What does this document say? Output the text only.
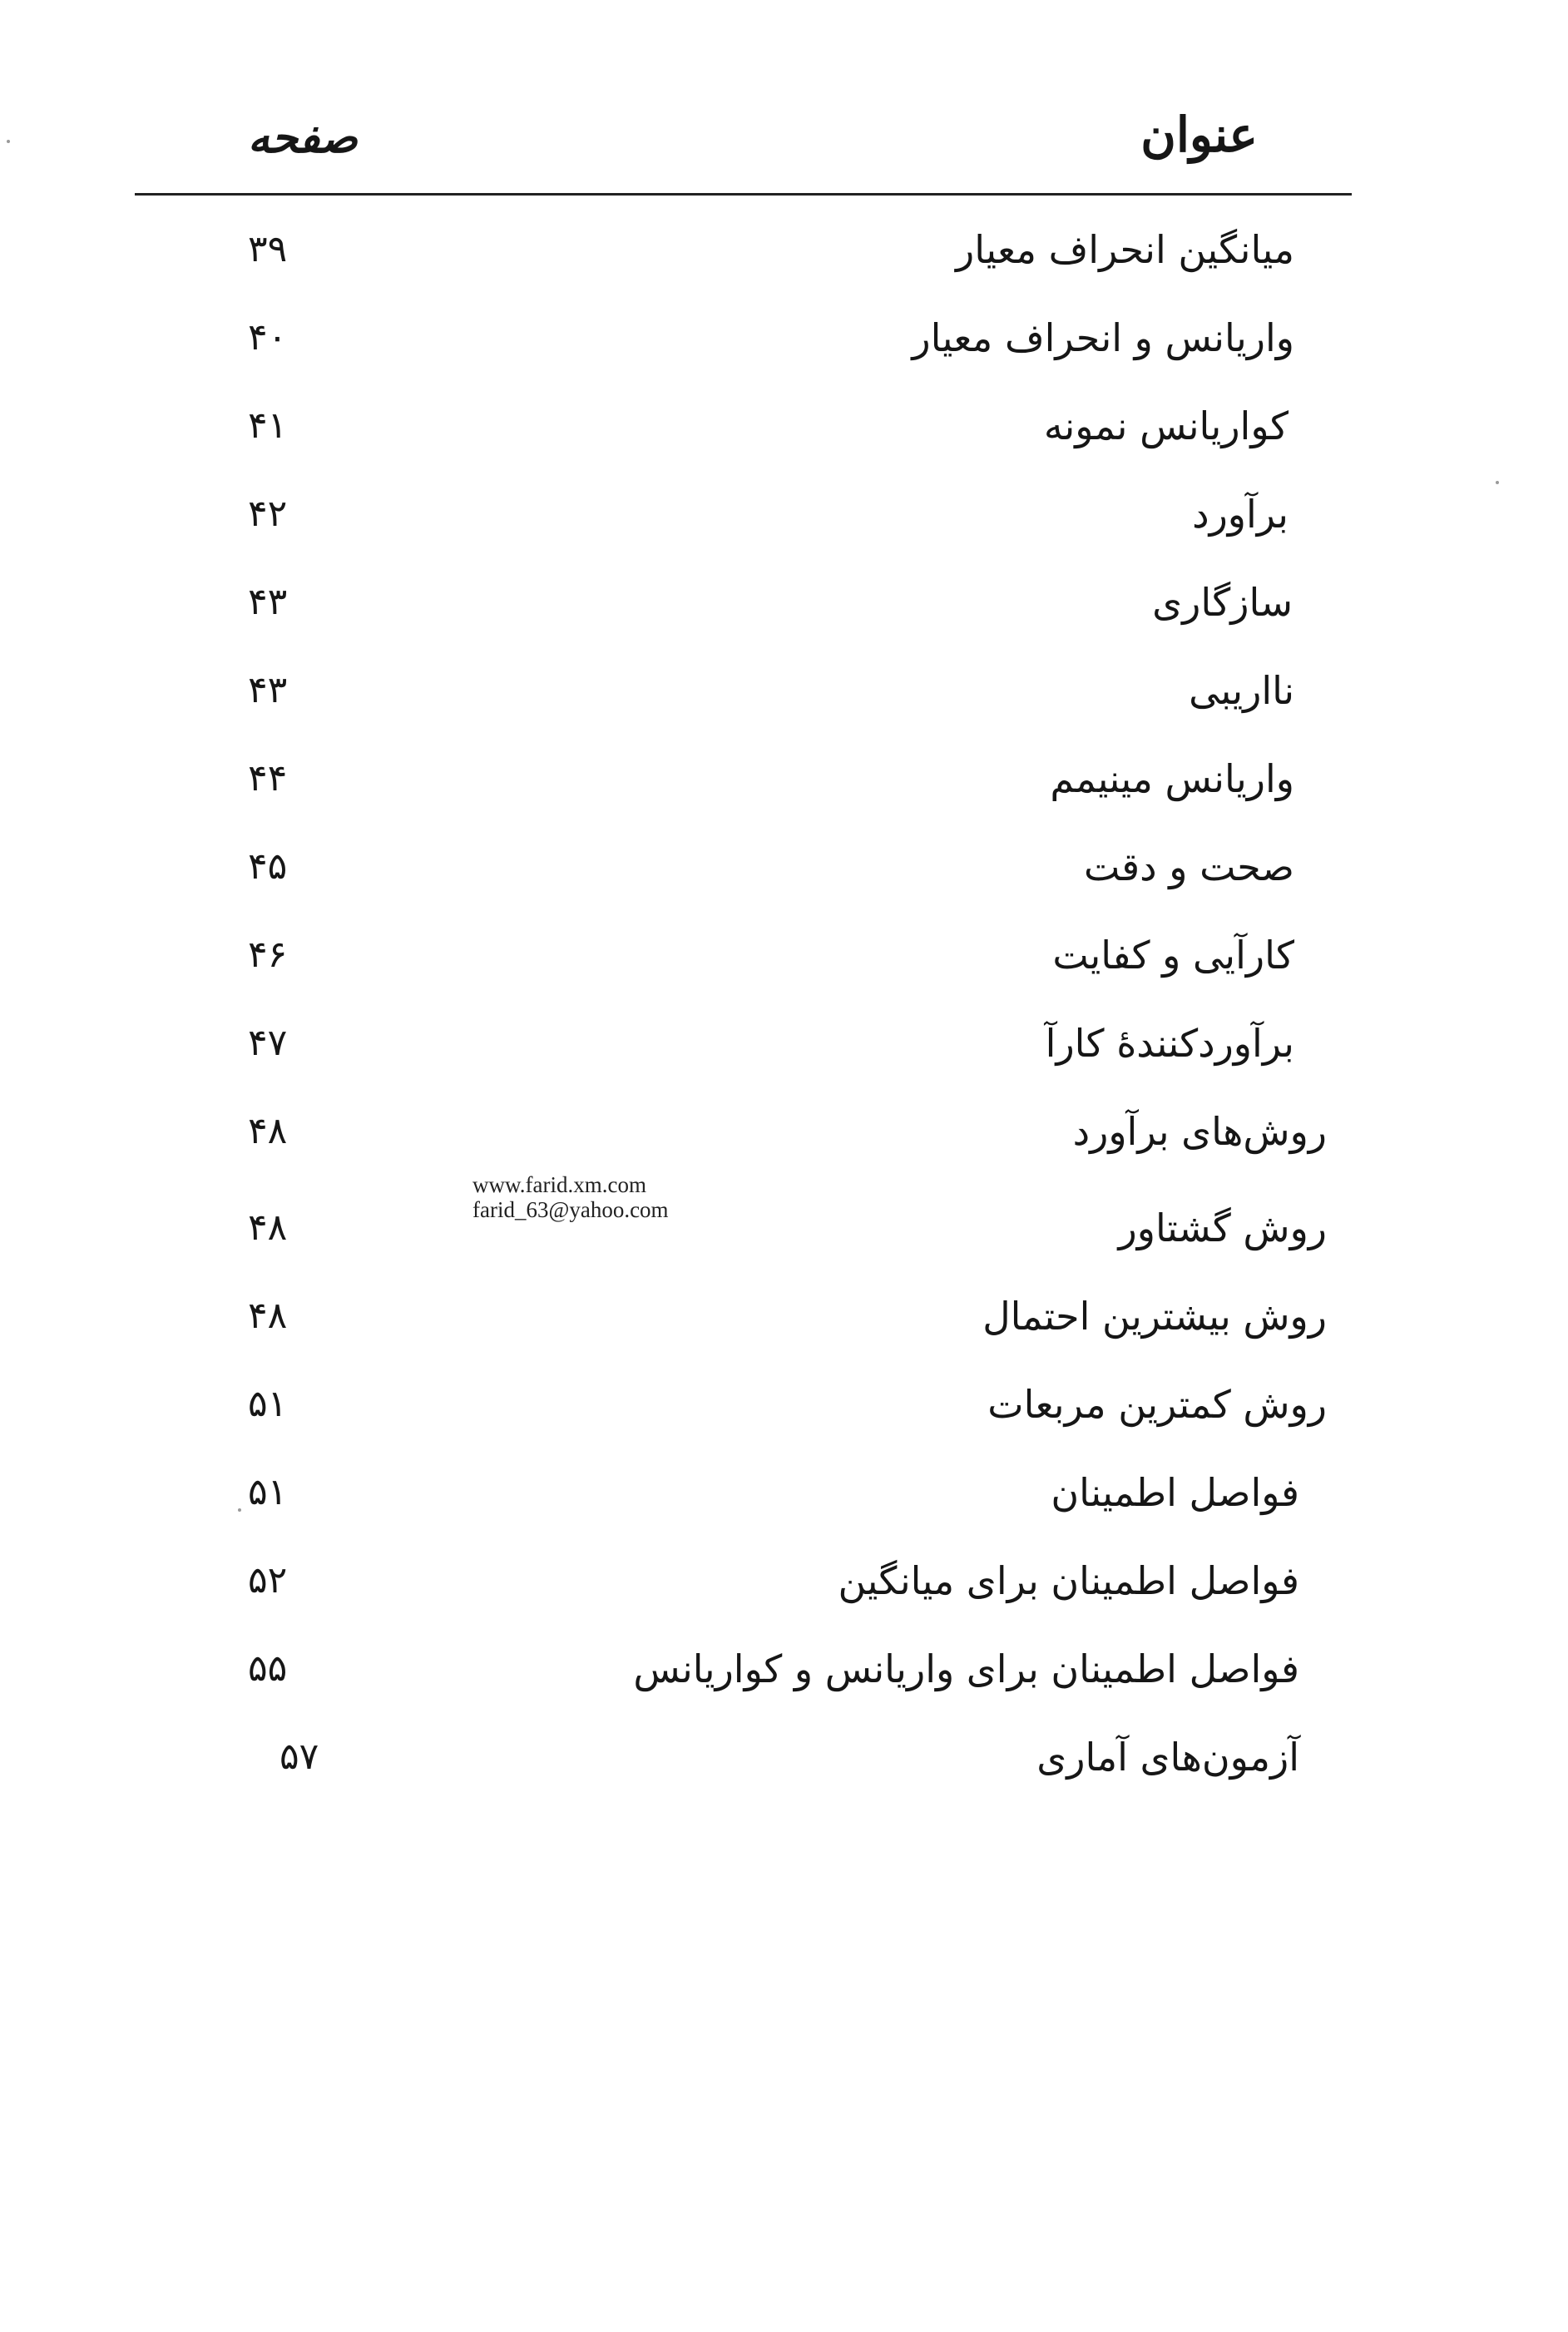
عنوان
صفحه
میانگین انحراف معیار
۳۹
واریانس و انحراف معیار
۴۰
کواریانس نمونه
۴۱
برآورد
۴۲
سازگاری
۴۳
نااریبی
۴۳
واریانس مینیمم
۴۴
صحت و دقت
۴۵
کارآیی و کفایت
۴۶
برآوردکنندهٔ کارآ
۴۷
روش‌های برآورد
۴۸
روش گشتاور
۴۸
روش بیشترین احتمال
۴۸
روش کمترین مربعات
۵۱
فواصل اطمینان
۵۱
فواصل اطمینان برای میانگین
۵۲
فواصل اطمینان برای واریانس و کواریانس
۵۵
آزمون‌های آماری
۵۷
www.farid.xm.com
farid_63@yahoo.com
